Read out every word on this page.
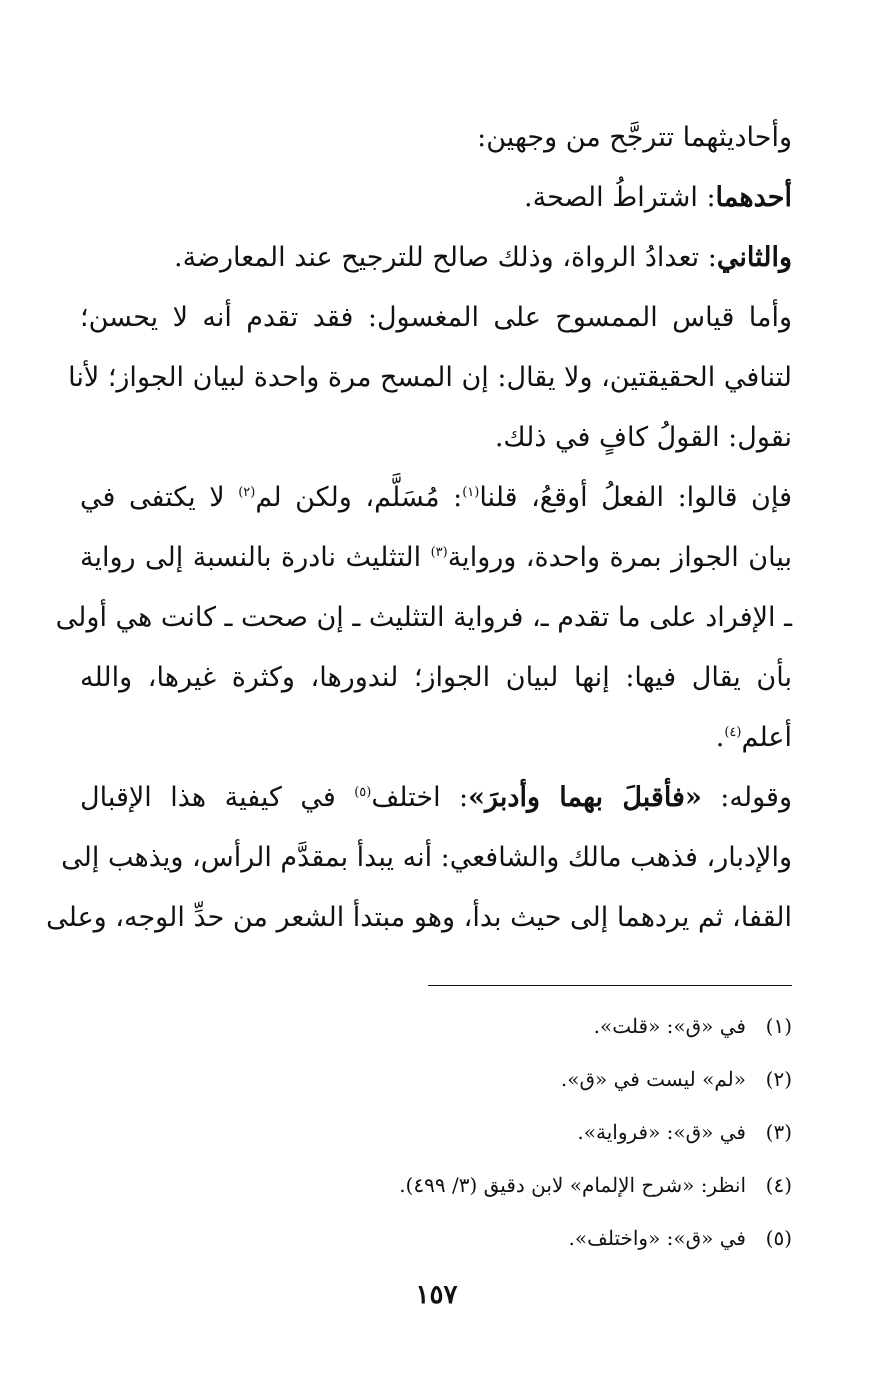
وأحاديثهما تترجَّح من وجهين:
أحدهما: اشتراطُ الصحة.
والثاني: تعدادُ الرواة، وذلك صالح للترجيح عند المعارضة.
وأما قياس الممسوح على المغسول: فقد تقدم أنه لا يحسن؛
لتنافي الحقيقتين، ولا يقال: إن المسح مرة واحدة لبيان الجواز؛ لأنا
نقول: القولُ كافٍ في ذلك.
فإن قالوا: الفعلُ أوقعُ، قلنا$^{(١)}$: مُسَلَّم، ولكن لم$^{(٢)}$ لا يكتفى في
بيان الجواز بمرة واحدة، ورواية$^{(٣)}$ التثليث نادرة بالنسبة إلى رواية
ـ الإفراد على ما تقدم ـ، فرواية التثليث ـ إن صحت ـ كانت هي أولى
بأن يقال فيها: إنها لبيان الجواز؛ لندورها، وكثرة غيرها، والله
أعلم$^{(٤)}$.
وقوله: «فأقبلَ بهما وأدبرَ»: اختلف$^{(٥)}$ في كيفية هذا الإقبال
والإدبار، فذهب مالك والشافعي: أنه يبدأ بمقدَّم الرأس، ويذهب إلى
القفا، ثم يردهما إلى حيث بدأ، وهو مبتدأ الشعر من حدِّ الوجه، وعلى
(١)في «ق»: «قلت».
(٢)«لم» ليست في «ق».
(٣)في «ق»: «فرواية».
(٤)انظر: «شرح الإلمام» لابن دقيق (٣/ ٤٩٩).
(٥)في «ق»: «واختلف».
١٥٧
